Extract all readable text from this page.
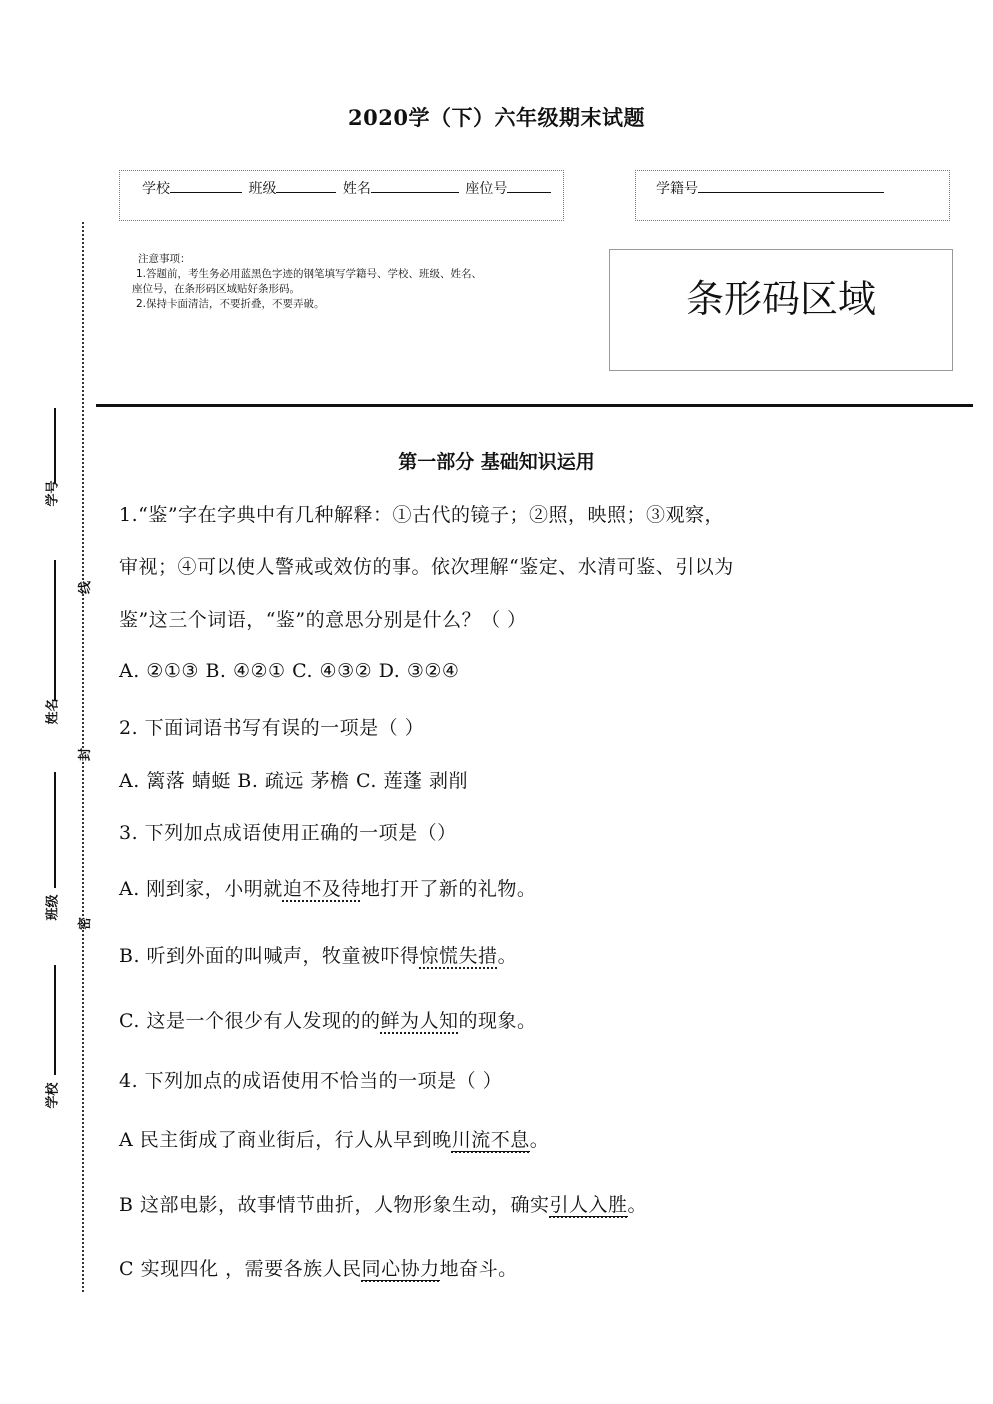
2020学（下）六年级期末试题
学校	班级	姓名	座位号	学籍号
注意事项：
1.答题前，考生务必用蓝黑色字迹的钢笔填写学籍号、学校、班级、姓名、
座位号，在条形码区域贴好条形码。
2.保持卡面清洁，不要折叠，不要弄破。	条形码区域
学号
姓名
班级
学校
线
封
密
第一部分 基础知识运用
1.“鉴”字在字典中有几种解释：①古代的镜子；②照，映照；③观察，
审视；④可以使人警戒或效仿的事。依次理解“鉴定、水清可鉴、引以为
鉴”这三个词语，“鉴”的意思分别是什么？（ ）
A. ②①③ B. ④②① C. ④③② D. ③②④
2. 下面词语书写有误的一项是（ ）
A. 篱落 蜻蜓 B. 疏远 茅檐 C. 莲蓬 剥削
3. 下列加点成语使用正确的一项是（）
A. 刚到家，小明就迫不及待地打开了新的礼物。
B. 听到外面的叫喊声，牧童被吓得惊慌失措。
C. 这是一个很少有人发现的的鲜为人知的现象。
4. 下列加点的成语使用不恰当的一项是（ ）
A 民主街成了商业街后，行人从早到晚川流不息。
B 这部电影，故事情节曲折，人物形象生动，确实引人入胜。
C 实现四化 ，需要各族人民同心协力地奋斗。
